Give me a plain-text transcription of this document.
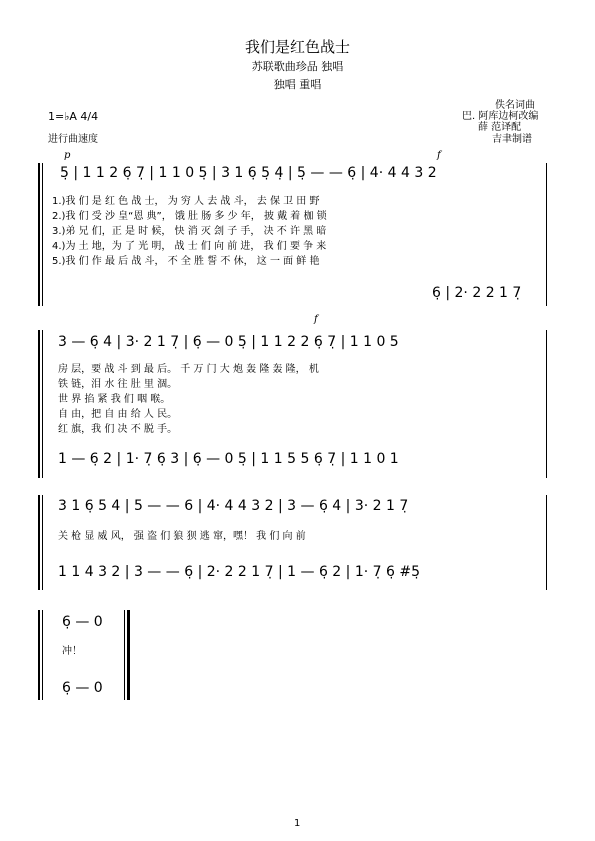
我们是红色战士
苏联歌曲珍品 独唱
独唱 重唱
佚名词曲
巴. 阿库边柯改编
薛 范译配
吉聿制谱
1=♭A 4/4
进行曲速度
p	f
5̣ | 1 1 2 6̣ 7̣ | 1 1 0 5̣ | 3 1 6̣ 5̣ 4̣ | 5̣ — — 6̣ | 4· 4 4 3 2
1.)我 们 是 红 色 战 士， 为 穷 人 去 战 斗， 去 保 卫 田 野
2.)我 们 受 沙 皇“恩 典”， 饿 肚 肠 多 少 年， 披 戴 着 枷 锁
3.)弟 兄 们，正 是 时 候， 快 消 灭 刽 子 手， 决 不 许 黑 暗
4.)为 土 地，为 了 光 明， 战 士 们 向 前 进， 我 们 要 争 来
5.)我 们 作 最 后 战 斗， 不 全 胜 誓 不 休， 这 一 面 鲜 艳
6̣ | 2· 2 2 1 7̣
f
3 — 6̣ 4 | 3· 2 1 7̣ | 6̣ — 0 5̣ | 1 1 2 2 6̣ 7̣ | 1 1 0 5
房 层，要 战 斗 到 最 后。 千 万 门 大 炮 轰 隆 轰 隆， 机
铁 链，泪 水 往 肚 里 涸。
世 界 掐 紧 我 们 咽 喉。
自 由，把 自 由 给 人 民。
红 旗，我 们 决 不 脱 手。
1 — 6̣ 2 | 1· 7̣ 6̣ 3 | 6̣ — 0 5̣ | 1 1 5 5 6̣ 7̣ | 1 1 0 1
3 1 6̣ 5 4 | 5 — — 6 | 4· 4 4 3 2 | 3 — 6̣ 4 | 3· 2 1 7̣
关 枪 显 威 风， 强 盗 们 狼 狈 逃 窜，嘿！ 我 们 向 前
1 1 4 3 2 | 3 — — 6̣ | 2· 2 2 1 7̣ | 1 — 6̣ 2 | 1· 7̣ 6̣ #5̣
6̣ — 0
冲！
6̣ — 0
1
